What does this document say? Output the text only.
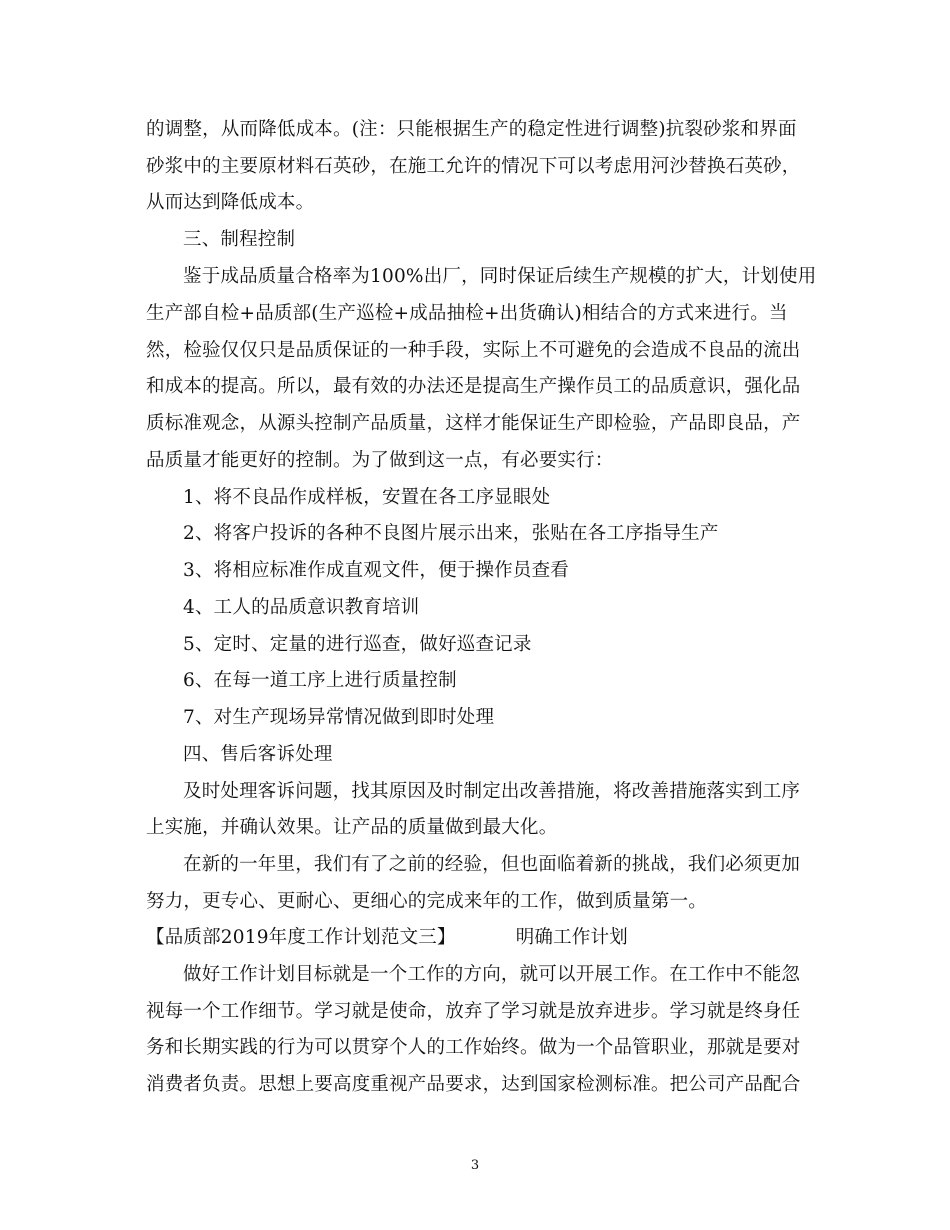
的调整，从而降低成本。(注：只能根据生产的稳定性进行调整)抗裂砂浆和界面
砂浆中的主要原材料石英砂，在施工允许的情况下可以考虑用河沙替换石英砂，
从而达到降低成本。
三、制程控制
鉴于成品质量合格率为100%出厂，同时保证后续生产规模的扩大，计划使用
生产部自检+品质部(生产巡检+成品抽检+出货确认)相结合的方式来进行。当
然，检验仅仅只是品质保证的一种手段，实际上不可避免的会造成不良品的流出
和成本的提高。所以，最有效的办法还是提高生产操作员工的品质意识，强化品
质标准观念，从源头控制产品质量，这样才能保证生产即检验，产品即良品，产
品质量才能更好的控制。为了做到这一点，有必要实行：
1、将不良品作成样板，安置在各工序显眼处
2、将客户投诉的各种不良图片展示出来，张贴在各工序指导生产
3、将相应标准作成直观文件，便于操作员查看
4、工人的品质意识教育培训
5、定时、定量的进行巡查，做好巡查记录
6、在每一道工序上进行质量控制
7、对生产现场异常情况做到即时处理
四、售后客诉处理
及时处理客诉问题，找其原因及时制定出改善措施，将改善措施落实到工序
上实施，并确认效果。让产品的质量做到最大化。
在新的一年里，我们有了之前的经验，但也面临着新的挑战，我们必须更加
努力，更专心、更耐心、更细心的完成来年的工作，做到质量第一。
【品质部2019年度工作计划范文三】	明确工作计划
做好工作计划目标就是一个工作的方向，就可以开展工作。在工作中不能忽
视每一个工作细节。学习就是使命，放弃了学习就是放弃进步。学习就是终身任
务和长期实践的行为可以贯穿个人的工作始终。做为一个品管职业，那就是要对
消费者负责。思想上要高度重视产品要求，达到国家检测标准。把公司产品配合
3
